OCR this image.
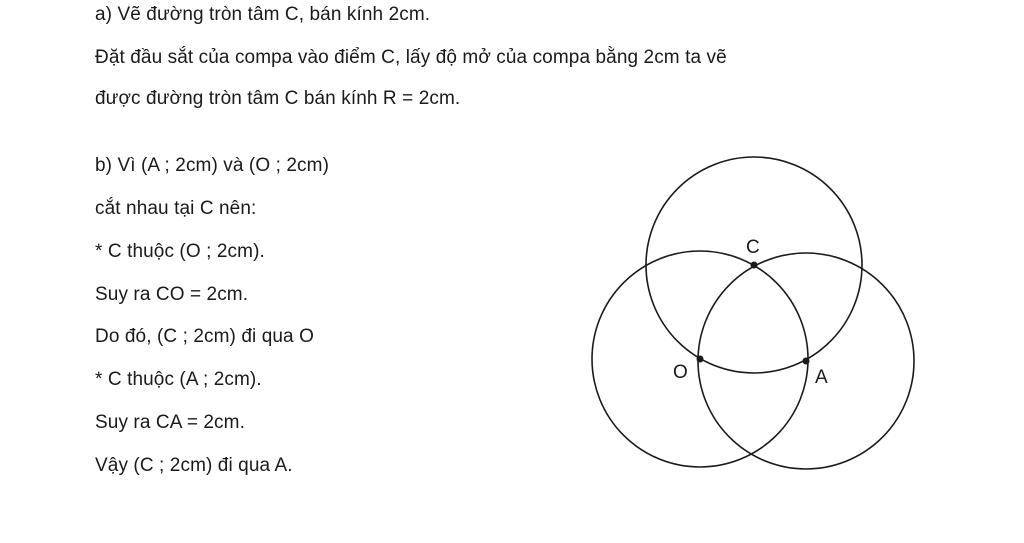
a) Vẽ đường tròn tâm C, bán kính 2cm.
Đặt đầu sắt của compa vào điểm C, lấy độ mở của compa bằng 2cm ta vẽ
được đường tròn tâm C bán kính R = 2cm.
b) Vì (A ; 2cm) và (O ; 2cm)
cắt nhau tại C nên:
* C thuộc (O ; 2cm).
Suy ra CO = 2cm.
Do đó, (C ; 2cm) đi qua O
* C thuộc (A ; 2cm).
Suy ra CA = 2cm.
Vậy (C ; 2cm) đi qua A.
C
O	A
